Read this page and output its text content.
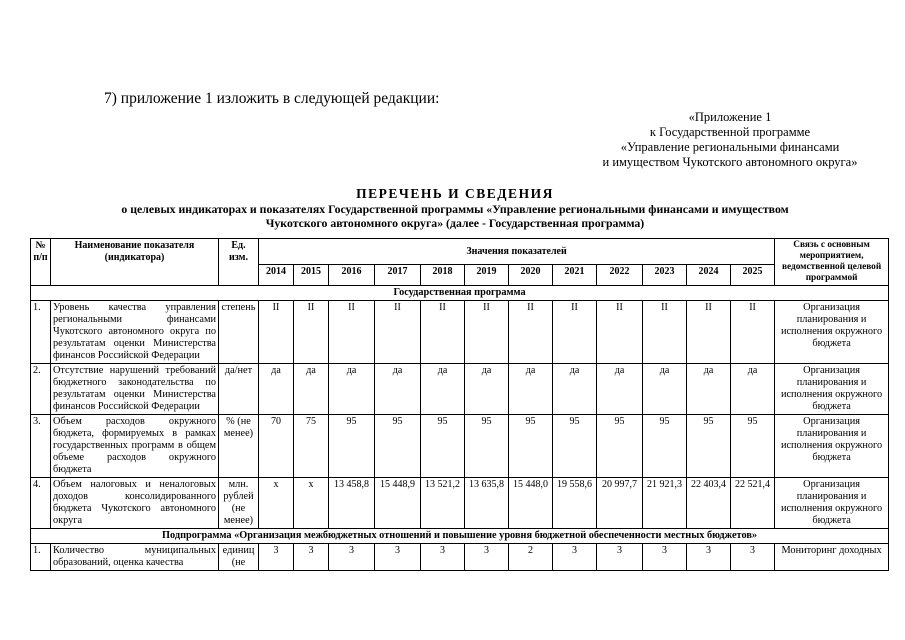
7) приложение 1 изложить в следующей редакции:
«Приложение 1
к Государственной программе
«Управление региональными финансами
и имуществом Чукотского автономного округа»
ПЕРЕЧЕНЬ И СВЕДЕНИЯ
о целевых индикаторах и показателях Государственной программы «Управление региональными финансами и имуществом
Чукотского автономного округа» (далее - Государственная программа)
№ п/п	Наименование показателя (индикатора)	Ед. изм.	Значения показателей												Связь с основным мероприятием, ведомственной целевой программой
			2014	2015	2016	2017	2018	2019	2020	2021	2022	2023	2024	2025	
Государственная программа															
1.	Уровень качества управления региональными финансами Чукотского автономного округа по результатам оценки Министерства финансов Российской Федерации	степень	II	II	II	II	II	II	II	II	II	II	II	II	Организация планирования и исполнения окружного бюджета
2.	Отсутствие нарушений требований бюджетного законодательства по результатам оценки Министерства финансов Российской Федерации	да/нет	да	да	да	да	да	да	да	да	да	да	да	да	Организация планирования и исполнения окружного бюджета
3.	Объем расходов окружного бюджета, формируемых в рамках государственных программ в общем объеме расходов окружного бюджета	% (не менее)	70	75	95	95	95	95	95	95	95	95	95	95	Организация планирования и исполнения окружного бюджета
4.	Объем налоговых и неналоговых доходов консолидированного бюджета Чукотского автономного округа	млн. рублей (не менее)	х	х	13 458,8	15 448,9	13 521,2	13 635,8	15 448,0	19 558,6	20 997,7	21 921,3	22 403,4	22 521,4	Организация планирования и исполнения окружного бюджета
Подпрограмма «Организация межбюджетных отношений и повышение уровня бюджетной обеспеченности местных бюджетов»															
1.	Количество муниципальных образований, оценка качества	единиц (не	3	3	3	3	3	3	2	3	3	3	3	3	Мониторинг доходных
